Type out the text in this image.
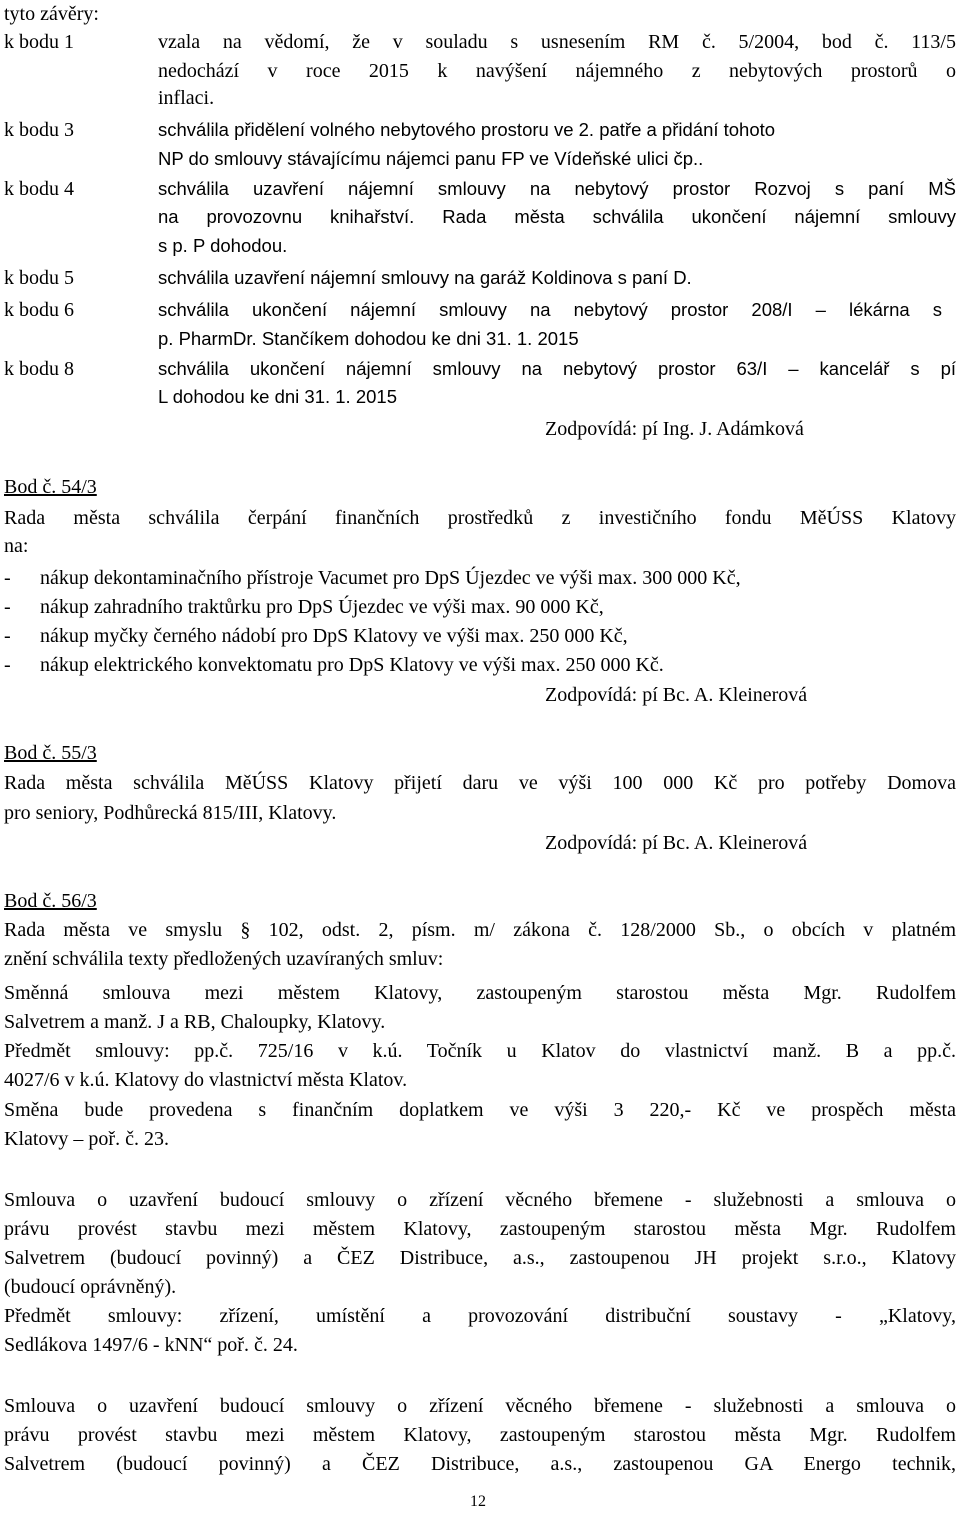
tyto závěry:
k bodu 1	vzala na vědomí, že v souladu s usnesením RM č. 5/2004, bod č. 113/5
nedochází v roce 2015 k navýšení nájemného z nebytových prostorů o
inflaci.
k bodu 3	schválila přidělení volného nebytového prostoru ve 2. patře a přidání tohoto
NP do smlouvy stávajícímu nájemci panu FP ve Vídeňské ulici čp..
k bodu 4	schválila uzavření nájemní smlouvy na nebytový prostor Rozvoj s paní MŠ
na provozovnu knihařství. Rada města schválila ukončení nájemní smlouvy
s p. P dohodou.
k bodu 5	schválila uzavření nájemní smlouvy na garáž Koldinova s paní D.
k bodu 6	schválila ukončení nájemní smlouvy na nebytový prostor 208/I – lékárna s
p. PharmDr. Stančíkem dohodou ke dni 31. 1. 2015
k bodu 8	schválila ukončení nájemní smlouvy na nebytový prostor 63/I – kancelář s pí
L dohodou ke dni 31. 1. 2015
Zodpovídá: pí Ing. J. Adámková
Bod č. 54/3
Rada města schválila čerpání finančních prostředků z investičního fondu MěÚSS Klatovy
na:
- nákup dekontaminačního přístroje Vacumet pro DpS Újezdec ve výši max. 300 000 Kč,
- nákup zahradního traktůrku pro DpS Újezdec ve výši max. 90 000 Kč,
- nákup myčky černého nádobí pro DpS Klatovy ve výši max. 250 000 Kč,
- nákup elektrického konvektomatu pro DpS Klatovy ve výši max. 250 000 Kč.
Zodpovídá: pí Bc. A. Kleinerová
Bod č. 55/3
Rada města schválila MěÚSS Klatovy přijetí daru ve výši 100 000 Kč pro potřeby Domova
pro seniory, Podhůrecká 815/III, Klatovy.
Zodpovídá: pí Bc. A. Kleinerová
Bod č. 56/3
Rada města ve smyslu § 102, odst. 2, písm. m/ zákona č. 128/2000 Sb., o obcích v platném
znění schválila texty předložených uzavíraných smluv:
Směnná smlouva mezi městem Klatovy, zastoupeným starostou města Mgr. Rudolfem
Salvetrem a manž. J a RB, Chaloupky, Klatovy.
Předmět smlouvy: pp.č. 725/16 v k.ú. Točník u Klatov do vlastnictví manž. B a pp.č.
4027/6 v k.ú. Klatovy do vlastnictví města Klatov.
Směna bude provedena s finančním doplatkem ve výši 3 220,- Kč ve prospěch města
Klatovy – poř. č. 23.
Smlouva o uzavření budoucí smlouvy o zřízení věcného břemene - služebnosti a smlouva o
právu provést stavbu mezi městem Klatovy, zastoupeným starostou města Mgr. Rudolfem
Salvetrem (budoucí povinný) a ČEZ Distribuce, a.s., zastoupenou JH projekt s.r.o., Klatovy
(budoucí oprávněný).
Předmět smlouvy: zřízení, umístění a provozování distribuční soustavy - „Klatovy,
Sedlákova 1497/6 - kNN“ poř. č. 24.
Smlouva o uzavření budoucí smlouvy o zřízení věcného břemene - služebnosti a smlouva o
právu provést stavbu mezi městem Klatovy, zastoupeným starostou města Mgr. Rudolfem
Salvetrem (budoucí povinný) a ČEZ Distribuce, a.s., zastoupenou GA Energo technik,
12
